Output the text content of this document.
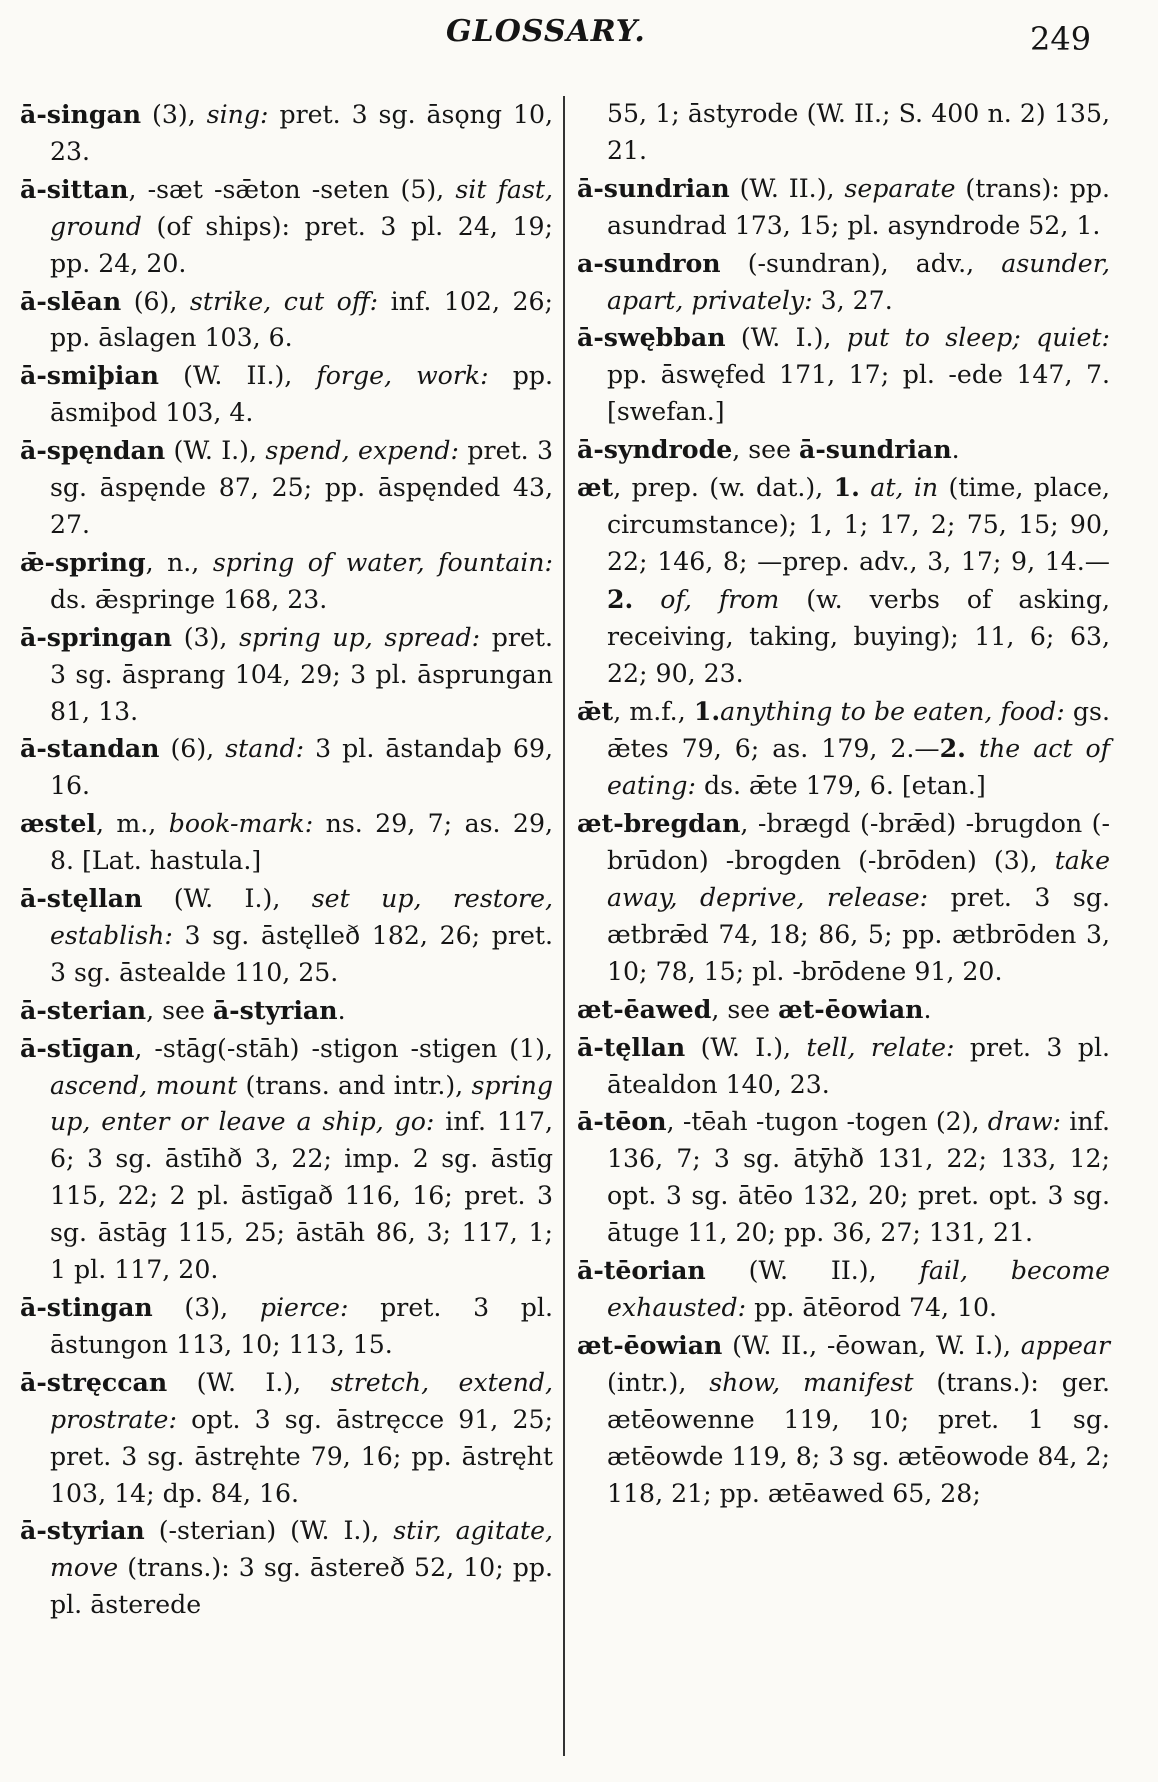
GLOSSARY.	249
ā-singan (3), sing: pret. 3 sg. āsǫng 10, 23.
ā-sittan, -sæt -sǣton -seten (5), sit fast, ground (of ships): pret. 3 pl. 24, 19; pp. 24, 20.
ā-slēan (6), strike, cut off: inf. 102, 26; pp. āslagen 103, 6.
ā-smiþian (W. II.), forge, work: pp. āsmiþod 103, 4.
ā-spęndan (W. I.), spend, expend: pret. 3 sg. āspęnde 87, 25; pp. āspęnded 43, 27.
ǣ-spring, n., spring of water, fountain: ds. ǣspringe 168, 23.
ā-springan (3), spring up, spread: pret. 3 sg. āsprang 104, 29; 3 pl. āsprungan 81, 13.
ā-standan (6), stand: 3 pl. āstandaþ 69, 16.
æstel, m., book-mark: ns. 29, 7; as. 29, 8. [Lat. hastula.]
ā-stęllan (W. I.), set up, restore, establish: 3 sg. āstęlleð 182, 26; pret. 3 sg. āstealde 110, 25.
ā-sterian, see ā-styrian.
ā-stīgan, -stāg(-stāh) -stigon -stigen (1), ascend, mount (trans. and intr.), spring up, enter or leave a ship, go: inf. 117, 6; 3 sg. āstīhð 3, 22; imp. 2 sg. āstīg 115, 22; 2 pl. āstīgað 116, 16; pret. 3 sg. āstāg 115, 25; āstāh 86, 3; 117, 1; 1 pl. 117, 20.
ā-stingan (3), pierce: pret. 3 pl. āstungon 113, 10; 113, 15.
ā-stręccan (W. I.), stretch, extend, prostrate: opt. 3 sg. āstręcce 91, 25; pret. 3 sg. āstręhte 79, 16; pp. āstręht 103, 14; dp. 84, 16.
ā-styrian (-sterian) (W. I.), stir, agitate, move (trans.): 3 sg. āstereð 52, 10; pp. pl. āsterede
55, 1; āstyrode (W. II.; S. 400 n. 2) 135, 21.
ā-sundrian (W. II.), separate (trans): pp. asundrad 173, 15; pl. asyndrode 52, 1.
a-sundron (-sundran), adv., asunder, apart, privately: 3, 27.
ā-swębban (W. I.), put to sleep; quiet: pp. āswęfed 171, 17; pl. -ede 147, 7. [swefan.]
ā-syndrode, see ā-sundrian.
æt, prep. (w. dat.), 1. at, in (time, place, circumstance); 1, 1; 17, 2; 75, 15; 90, 22; 146, 8; —prep. adv., 3, 17; 9, 14.—2. of, from (w. verbs of asking, receiving, taking, buying); 11, 6; 63, 22; 90, 23.
ǣt, m.f., 1.anything to be eaten, food: gs. ǣtes 79, 6; as. 179, 2.—2. the act of eating: ds. ǣte 179, 6. [etan.]
æt-bregdan, -brægd (-brǣd) -brugdon (-brūdon) -brogden (-brōden) (3), take away, deprive, release: pret. 3 sg. ætbrǣd 74, 18; 86, 5; pp. ætbrōden 3, 10; 78, 15; pl. -brōdene 91, 20.
æt-ēawed, see æt-ēowian.
ā-tęllan (W. I.), tell, relate: pret. 3 pl. ātealdon 140, 23.
ā-tēon, -tēah -tugon -togen (2), draw: inf. 136, 7; 3 sg. ātȳhð 131, 22; 133, 12; opt. 3 sg. ātēo 132, 20; pret. opt. 3 sg. ātuge 11, 20; pp. 36, 27; 131, 21.
ā-tēorian (W. II.), fail, become exhausted: pp. ātēorod 74, 10.
æt-ēowian (W. II., -ēowan, W. I.), appear (intr.), show, manifest (trans.): ger. ætēowenne 119, 10; pret. 1 sg. ætēowde 119, 8; 3 sg. ætēowode 84, 2; 118, 21; pp. ætēawed 65, 28;
